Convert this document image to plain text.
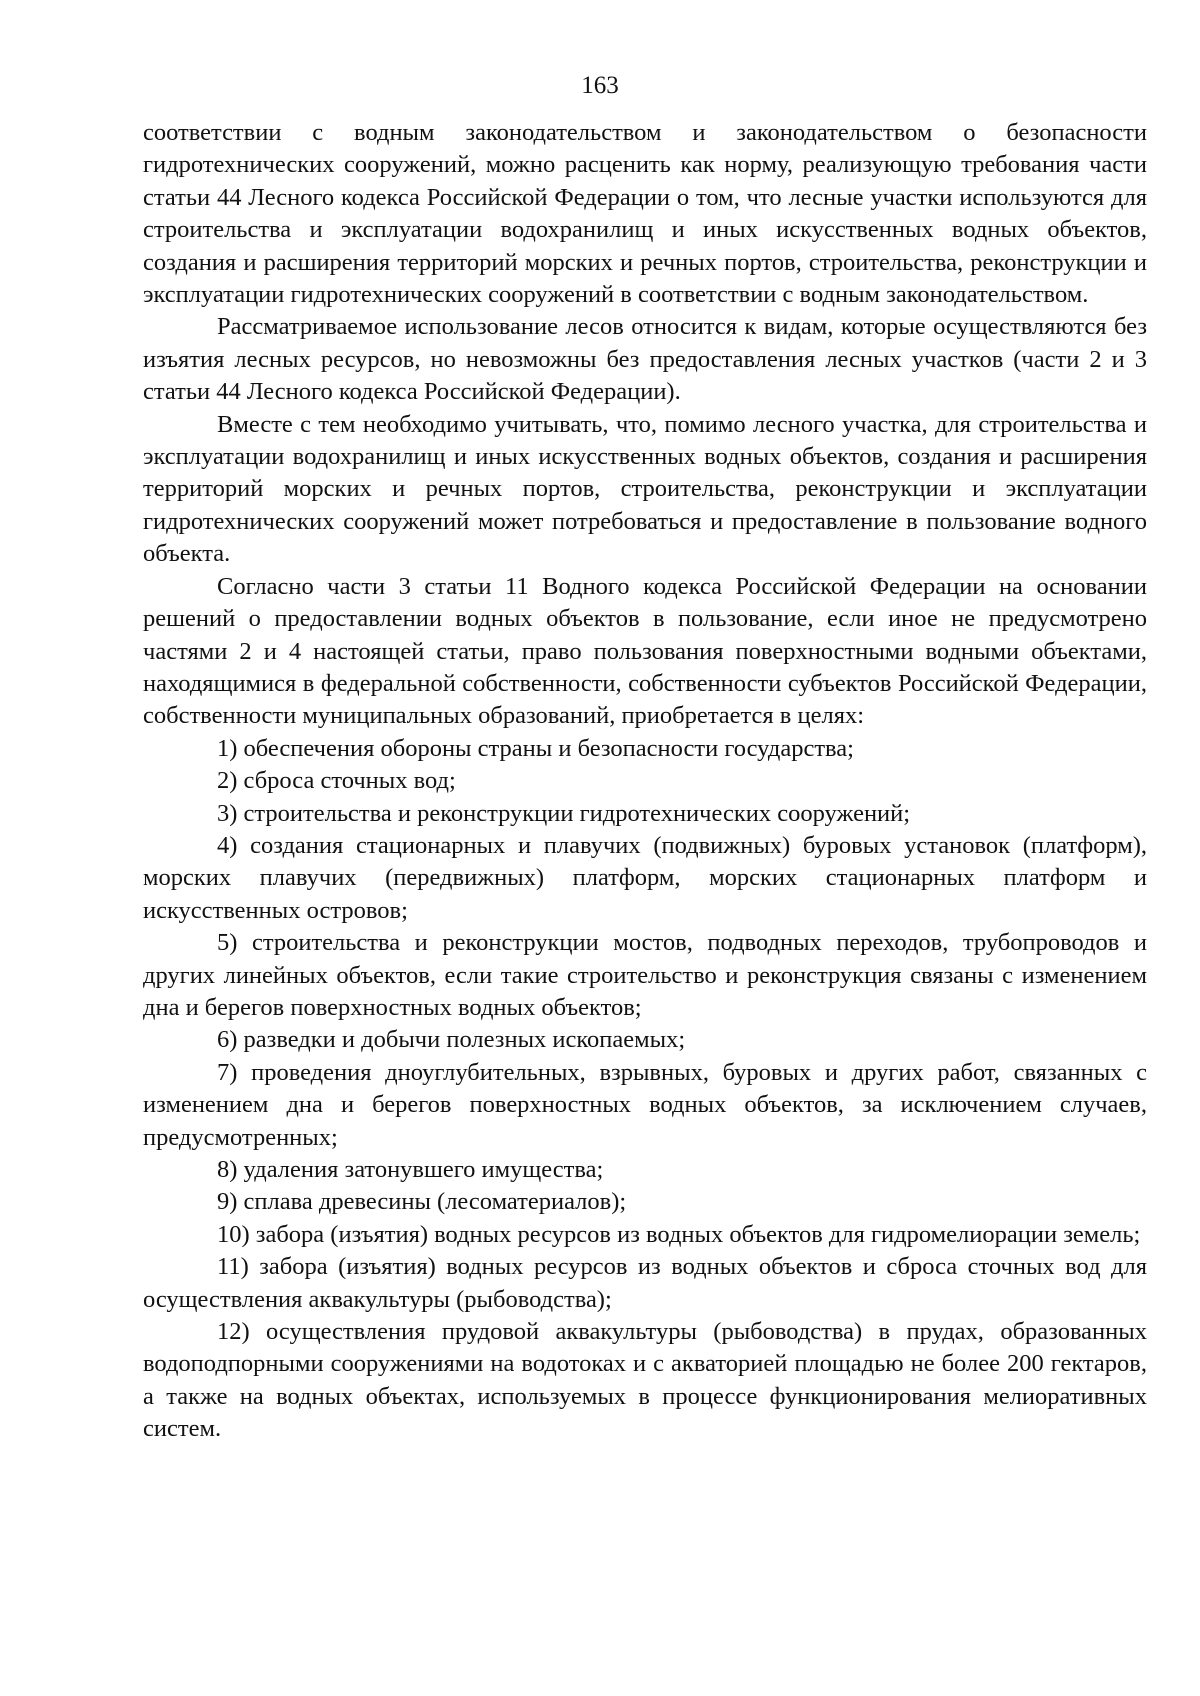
163

соответствии с водным законодательством и законодательством о безопасности гидротехнических сооружений, можно расценить как норму, реализующую требования части статьи 44 Лесного кодекса Российской Федерации о том, что лесные участки используются для строительства и эксплуатации водохранилищ и иных искусственных водных объектов, создания и расширения территорий морских и речных портов, строительства, реконструкции и эксплуатации гидротехнических сооружений в соответствии с водным законодательством.

Рассматриваемое использование лесов относится к видам, которые осуществляются без изъятия лесных ресурсов, но невозможны без предоставления лесных участков (части 2 и 3 статьи 44 Лесного кодекса Российской Федерации).

Вместе с тем необходимо учитывать, что, помимо лесного участка, для строительства и эксплуатации водохранилищ и иных искусственных водных объектов, создания и расширения территорий морских и речных портов, строительства, реконструкции и эксплуатации гидротехнических сооружений может потребоваться и предоставление в пользование водного объекта.

Согласно части 3 статьи 11 Водного кодекса Российской Федерации на основании решений о предоставлении водных объектов в пользование, если иное не предусмотрено частями 2 и 4 настоящей статьи, право пользования поверхностными водными объектами, находящимися в федеральной собственности, собственности субъектов Российской Федерации, собственности муниципальных образований, приобретается в целях:

1) обеспечения обороны страны и безопасности государства;

2) сброса сточных вод;

3) строительства и реконструкции гидротехнических сооружений;

4) создания стационарных и плавучих (подвижных) буровых установок (платформ), морских плавучих (передвижных) платформ, морских стационарных платформ и искусственных островов;

5) строительства и реконструкции мостов, подводных переходов, трубопроводов и других линейных объектов, если такие строительство и реконструкция связаны с изменением дна и берегов поверхностных водных объектов;

6) разведки и добычи полезных ископаемых;

7) проведения дноуглубительных, взрывных, буровых и других работ, связанных с изменением дна и берегов поверхностных водных объектов, за исключением случаев, предусмотренных;

8) удаления затонувшего имущества;

9) сплава древесины (лесоматериалов);

10) забора (изъятия) водных ресурсов из водных объектов для гидромелиорации земель;

11) забора (изъятия) водных ресурсов из водных объектов и сброса сточных вод для осуществления аквакультуры (рыбоводства);

12) осуществления прудовой аквакультуры (рыбоводства) в прудах, образованных водоподпорными сооружениями на водотоках и с акваторией площадью не более 200 гектаров, а также на водных объектах, используемых в процессе функционирования мелиоративных систем.
